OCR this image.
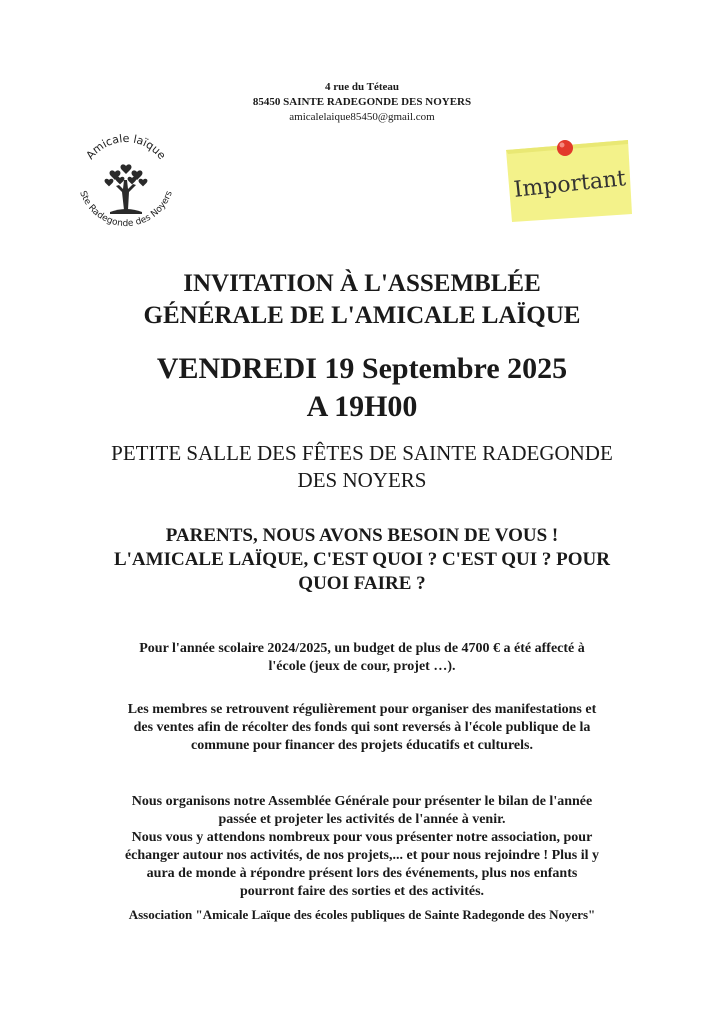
4 rue du Téteau
85450 SAINTE RADEGONDE DES NOYERS
amicalelaique85450@gmail.com
Amicale laïque
Ste Radegonde des Noyers	Important
INVITATION À L'ASSEMBLÉE
GÉNÉRALE DE L'AMICALE LAÏQUE
VENDREDI 19 Septembre 2025
A 19H00
PETITE SALLE DES FÊTES DE SAINTE RADEGONDE
DES NOYERS
PARENTS, NOUS AVONS BESOIN DE VOUS !
L'AMICALE LAÏQUE, C'EST QUOI ? C'EST QUI ? POUR
QUOI FAIRE ?
Pour l'année scolaire 2024/2025, un budget de plus de 4700 € a été affecté à
l'école (jeux de cour, projet …).
Les membres se retrouvent régulièrement pour organiser des manifestations et
des ventes afin de récolter des fonds qui sont reversés à l'école publique de la
commune pour financer des projets éducatifs et culturels.
Nous organisons notre Assemblée Générale pour présenter le bilan de l'année
passée et projeter les activités de l'année à venir.
Nous vous y attendons nombreux pour vous présenter notre association, pour
échanger autour nos activités, de nos projets,... et pour nous rejoindre ! Plus il y
aura de monde à répondre présent lors des événements, plus nos enfants
pourront faire des sorties et des activités.
Association "Amicale Laïque des écoles publiques de Sainte Radegonde des Noyers"
